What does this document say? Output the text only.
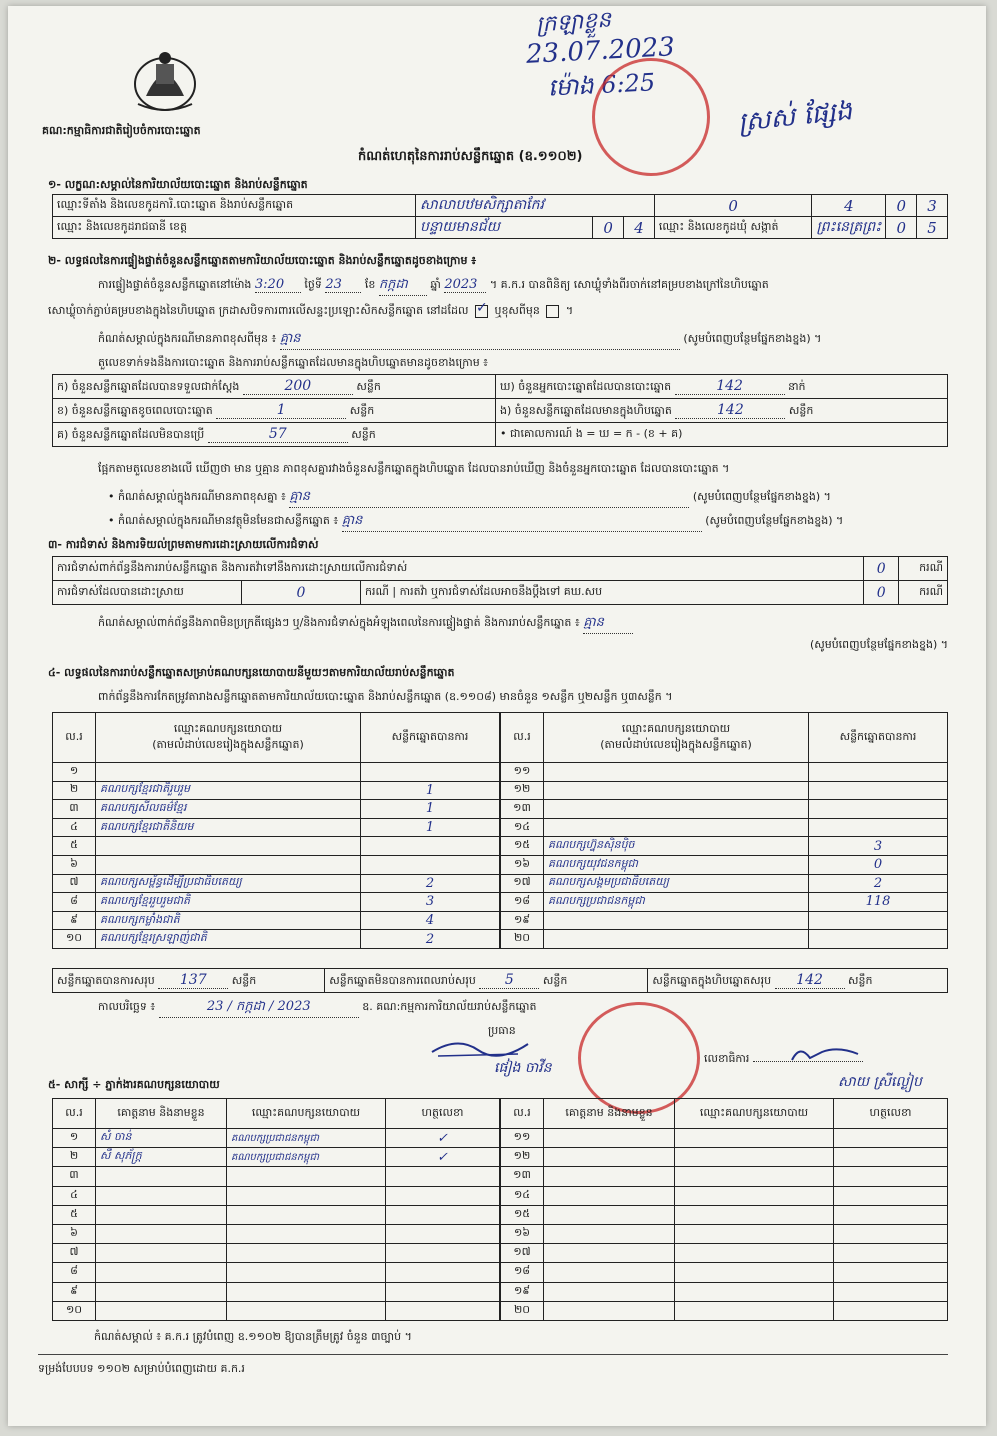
គណ:កម្មាធិការជាតិរៀបចំការបោះឆ្នោត
ក្រឡាខ្លួន
23.07.2023
ម៉ោង 6:25
ស្រស់ ផ្សែង
កំណត់ហេតុនៃការរាប់សន្លឹកឆ្នោត (ឧ.១១០២)
១- លក្ខណ:សម្គាល់នៃការិយាល័យបោះឆ្នោត និងរាប់សន្លឹកឆ្នោត
ឈ្មោះទីតាំង និងលេខកូដការិ.បោះឆ្នោត និងរាប់សន្លឹកឆ្នោត	សាលាបឋមសិក្សាតាកែវ			0	4	0	3
ឈ្មោះ និងលេខកូដរាជធានី ខេត្ត	បន្ទាយមានជ័យ	0	4	ឈ្មោះ និងលេខកូដឃុំ សង្កាត់	ព្រះនេត្រព្រះ	0	5
២- លទ្ធផលនៃការផ្ទៀងផ្ទាត់ចំនួនសន្លឹកឆ្នោតតាមការិយាល័យបោះឆ្នោត និងរាប់សន្លឹកឆ្នោតដូចខាងក្រោម ៖
ការផ្ទៀងផ្ទាត់ចំនួនសន្លឹកឆ្នោតនៅម៉ោង 3:20 ថ្ងៃទី 23 ខែ កក្កដា ឆ្នាំ 2023 ។ គ.ក.រ បានពិនិត្យ សោឃ្លុំទាំងពីរចាក់នៅគម្របខាងក្រៅនៃហិបឆ្នោត
សោឃ្លុំចាក់ភ្ជាប់គម្របខាងក្នុងនៃហិបឆ្នោត ក្រដាសបិទការពារលើសន្ទះប្រឡោះសិកសន្លឹកឆ្នោត នៅដដែល ✓ ឬខុសពីមុន  ។
កំណត់សម្គាល់ក្នុងករណីមានភាពខុសពីមុន ៖ គ្មាន	(សូមបំពេញបន្ថែមផ្នែកខាងខ្នង) ។
តួលេខទាក់ទងនឹងការបោះឆ្នោត និងការរាប់សន្លឹកឆ្នោតដែលមានក្នុងហិបឆ្នោតមានដូចខាងក្រោម ៖
ក) ចំនួនសន្លឹកឆ្នោតដែលបានទទួលជាក់ស្តែង 200 សន្លឹក	ឃ) ចំនួនអ្នកបោះឆ្នោតដែលបានបោះឆ្នោត 142 នាក់
ខ) ចំនួនសន្លឹកឆ្នោតខូចពេលបោះឆ្នោត 1 សន្លឹក	ង) ចំនួនសន្លឹកឆ្នោតដែលមានក្នុងហិបឆ្នោត 142 សន្លឹក
គ) ចំនួនសន្លឹកឆ្នោតដែលមិនបានប្រើ 57 សន្លឹក	• ជាគោលការណ៍ ង = ឃ = ក - (ខ + គ)
ផ្អែកតាមតួលេខខាងលើ ឃើញថា មាន ឬគ្មាន ភាពខុសគ្នារវាងចំនួនសន្លឹកឆ្នោតក្នុងហិបឆ្នោត ដែលបានរាប់ឃើញ និងចំនួនអ្នកបោះឆ្នោត ដែលបានបោះឆ្នោត ។
• កំណត់សម្គាល់ក្នុងករណីមានភាពខុសគ្នា ៖ គ្មាន	(សូមបំពេញបន្ថែមផ្នែកខាងខ្នង) ។
• កំណត់សម្គាល់ក្នុងករណីមានវត្ថុមិនមែនជាសន្លឹកឆ្នោត ៖ គ្មាន	(សូមបំពេញបន្ថែមផ្នែកខាងខ្នង) ។
៣- ការជំទាស់ និងការទិយល់ព្រមតាមការដោះស្រាយលើការជំទាស់
ការជំទាស់ពាក់ព័ន្ធនឹងការរាប់សន្លឹកឆ្នោត និងការតវ៉ាទៅនឹងការដោះស្រាយលើការជំទាស់			0	ករណី
ការជំទាស់ដែលបានដោះស្រាយ	0	ករណី | ការតវ៉ា ឬការជំទាស់ដែលអាចនឹងប្តឹងទៅ គឃ.សប	0	ករណី
កំណត់សម្គាល់ពាក់ព័ន្ធនឹងភាពមិនប្រក្រតីផ្សេងៗ ឬ/និងការជំទាស់ក្នុងអំឡុងពេលនៃការផ្ទៀងផ្ទាត់ និងការរាប់សន្លឹកឆ្នោត ៖ គ្មាន
(សូមបំពេញបន្ថែមផ្នែកខាងខ្នង) ។
៤- លទ្ធផលនៃការរាប់សន្លឹកឆ្នោតសម្រាប់គណបក្សនយោបាយនីមួយៗតាមការិយាល័យរាប់សន្លឹកឆ្នោត
ពាក់ព័ន្ធនឹងការកែតម្រូវតារាងសន្លឹកឆ្នោតតាមការិយាល័យបោះឆ្នោត និងរាប់សន្លឹកឆ្នោត (ឧ.១១០៨) មានចំនួន ១សន្លឹក ឬ២សន្លឹក ឬ៣សន្លឹក ។
ល.រ	ឈ្មោះគណបក្សនយោបាយ
(តាមលំដាប់លេខរៀងក្នុងសន្លឹកឆ្នោត)	សន្លឹកឆ្នោតបានការ
១		
២	គណបក្សខ្មែរជាតិរួបរួម	1
៣	គណបក្សសីលធម៌ខ្មែរ	1
៤	គណបក្សខ្មែរជាតិនិយម	1
៥		
៦		
៧	គណបក្សសម្ព័ន្ធដើម្បីប្រជាធិបតេយ្យ	2
៨	គណបក្សខ្មែររួបរួមជាតិ	3
៩	គណបក្សកម្លាំងជាតិ	4
១០	គណបក្សខ្មែរស្រឡាញ់ជាតិ	2
ល.រ	ឈ្មោះគណបក្សនយោបាយ
(តាមលំដាប់លេខរៀងក្នុងសន្លឹកឆ្នោត)	សន្លឹកឆ្នោតបានការ
១១		
១២		
១៣		
១៤		
១៥	គណបក្សហ្វ៊ុនស៊ិនប៉ិច	3
១៦	គណបក្សយុវជនកម្ពុជា	0
១៧	គណបក្សសង្គមប្រជាធិបតេយ្យ	2
១៨	គណបក្សប្រជាជនកម្ពុជា	118
១៩		
២០		
សន្លឹកឆ្នោតបានការសរុប 137 សន្លឹក	សន្លឹកឆ្នោតមិនបានការពេលរាប់សរុប 5	សន្លឹក	សន្លឹកឆ្នោតក្នុងហិបឆ្នោតសរុប 142 សន្លឹក
កាលបរិច្ឆេទ ៖	23 / កក្កដា / 2023	ឧ. គណ:កម្មការការិយាល័យរាប់សន្លឹកឆ្នោត
ប្រធាន
ផៀង ចាវីន
លេខាធិការ
សាយ ស្រីល្ងៀប
៥- សាក្សី ÷ ភ្នាក់ងារគណបក្សនយោបាយ
ល.រ	គោត្តនាម និងនាមខ្លួន	ឈ្មោះគណបក្សនយោបាយ	ហត្ថលេខា
១	សំ ចាន់	គណបក្សប្រជាជនកម្ពុជា	✓
២	សឺ សុភ័ក្ត្រ	គណបក្សប្រជាជនកម្ពុជា	✓
៣			
៤			
៥			
៦			
៧			
៨			
៩			
១០			
ល.រ	គោត្តនាម និងនាមខ្លួន	ឈ្មោះគណបក្សនយោបាយ	ហត្ថលេខា
១១			
១២			
១៣			
១៤			
១៥			
១៦			
១៧			
១៨			
១៩			
២០			
កំណត់សម្គាល់ ៖ គ.ក.រ ត្រូវបំពេញ ឧ.១១០២ ឱ្យបានត្រឹមត្រូវ ចំនួន ៣ច្បាប់ ។
ទម្រង់បែបបទ ១១០២ សម្រាប់បំពេញដោយ គ.ក.រ
